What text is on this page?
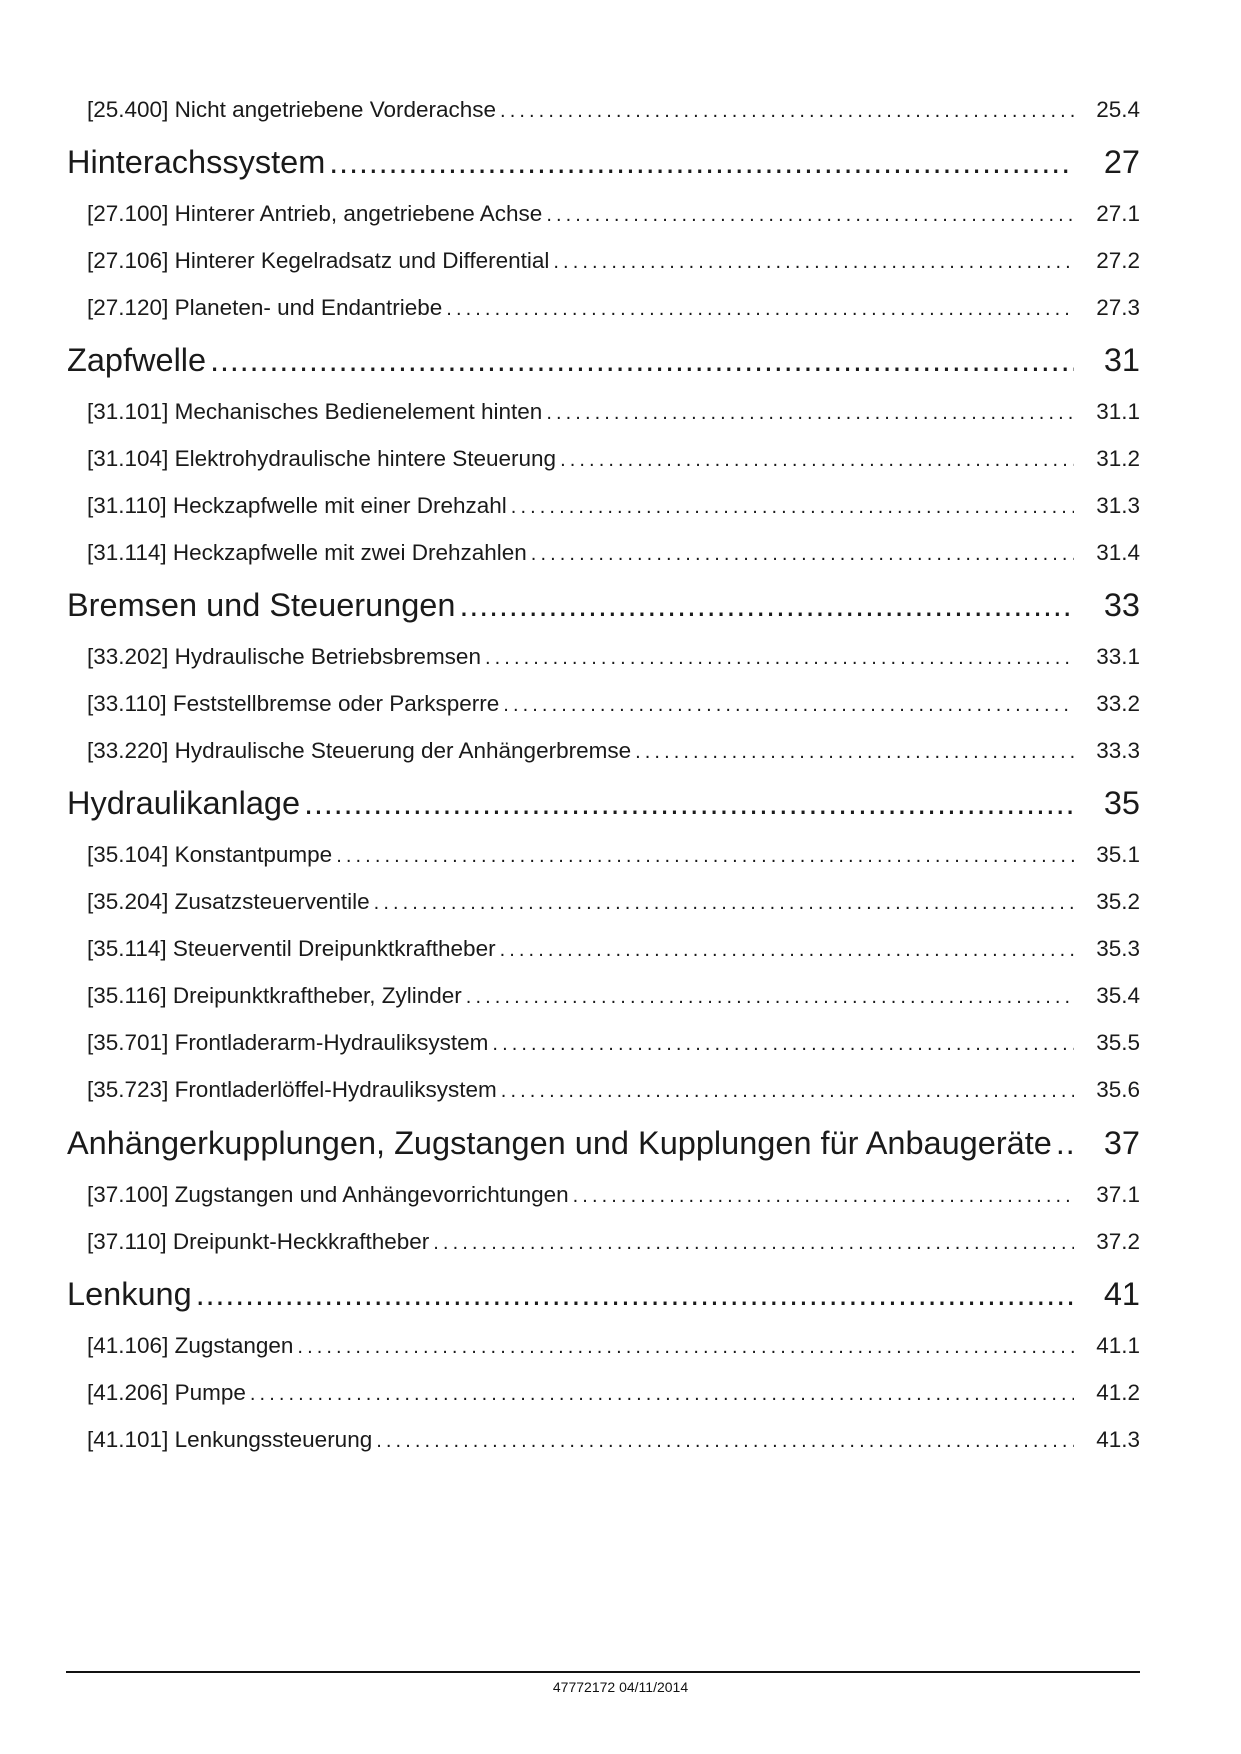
[25.400] Nicht angetriebene Vorderachse .....	25.4
Hinterachssystem .....	27
[27.100] Hinterer Antrieb, angetriebene Achse .....	27.1
[27.106] Hinterer Kegelradsatz und Differential .....	27.2
[27.120] Planeten- und Endantriebe .....	27.3
Zapfwelle .....	31
[31.101] Mechanisches Bedienelement hinten .....	31.1
[31.104] Elektrohydraulische hintere Steuerung .....	31.2
[31.110] Heckzapfwelle mit einer Drehzahl .....	31.3
[31.114] Heckzapfwelle mit zwei Drehzahlen .....	31.4
Bremsen und Steuerungen .....	33
[33.202] Hydraulische Betriebsbremsen .....	33.1
[33.110] Feststellbremse oder Parksperre .....	33.2
[33.220] Hydraulische Steuerung der Anhängerbremse .....	33.3
Hydraulikanlage .....	35
[35.104] Konstantpumpe .....	35.1
[35.204] Zusatzsteuerventile .....	35.2
[35.114] Steuerventil Dreipunktkraftheber .....	35.3
[35.116] Dreipunktkraftheber, Zylinder .....	35.4
[35.701] Frontladerarm-Hydrauliksystem .....	35.5
[35.723] Frontladerlöffel-Hydrauliksystem .....	35.6
Anhängerkupplungen, Zugstangen und Kupplungen für Anbaugeräte .....	37
[37.100] Zugstangen und Anhängevorrichtungen .....	37.1
[37.110] Dreipunkt-Heckkraftheber .....	37.2
Lenkung .....	41
[41.106] Zugstangen .....	41.1
[41.206] Pumpe .....	41.2
[41.101] Lenkungssteuerung .....	41.3
47772172 04/11/2014
